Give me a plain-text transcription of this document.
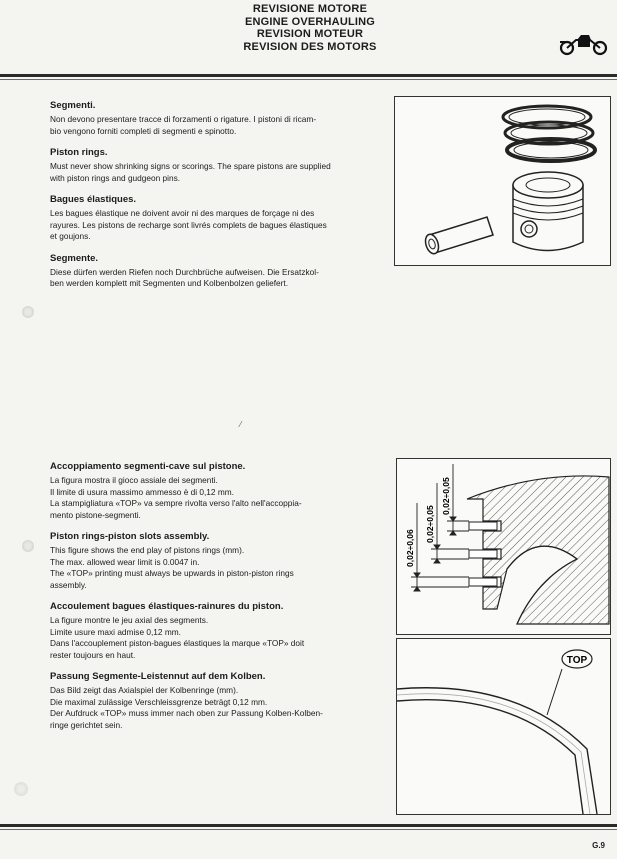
REVISIONE MOTORE
ENGINE OVERHAULING
REVISION MOTEUR
REVISION DES MOTORS
Segmenti.
Non devono presentare tracce di forzamenti o rigature. I pistoni di ricam-
bio vengono forniti completi di segmenti e spinotto.
Piston rings.
Must never show shrinking signs or scorings. The spare pistons are supplied
with piston rings and gudgeon pins.
Bagues élastiques.
Les bagues élastique ne doivent avoir ni des marques de forçage ni des
rayures. Les pistons de recharge sont livrés complets de bagues élastiques
et goujons.
Segmente.
Diese dürfen werden Riefen noch Durchbrüche aufweisen. Die Ersatzkol-
ben werden komplett mit Segmenten und Kolbenbolzen geliefert.
⁄
Accoppiamento segmenti-cave sul pistone.
La figura mostra il gioco assiale dei segmenti.
Il limite di usura massimo ammesso è di 0,12 mm.
La stampigliatura «TOP» va sempre rivolta verso l'alto nell'accoppia-
mento pistone-segmenti.
Piston rings-piston slots assembly.
This figure shows the end play of pistons rings (mm).
The max. allowed wear limit is 0.0047 in.
The «TOP» printing must always be upwards in piston-piston rings
assembly.
Accoulement bagues élastiques-rainures du piston.
La figure montre le jeu axial des segments.
Limite usure maxi admise 0,12 mm.
Dans l'accouplement piston-bagues élastiques la marque «TOP» doit
rester toujours en haut.
Passung Segmente-Leistennut auf dem Kolben.
Das Bild zeigt das Axialspiel der Kolbenringe (mm).
Die maximal zulässige Verschleissgrenze beträgt 0,12 mm.
Der Aufdruck «TOP» muss immer nach oben zur Passung Kolben-Kolben-
ringe gerichtet sein.
0,02÷0,05
0,02÷0,05
0,02÷0,06
TOP
G.9
